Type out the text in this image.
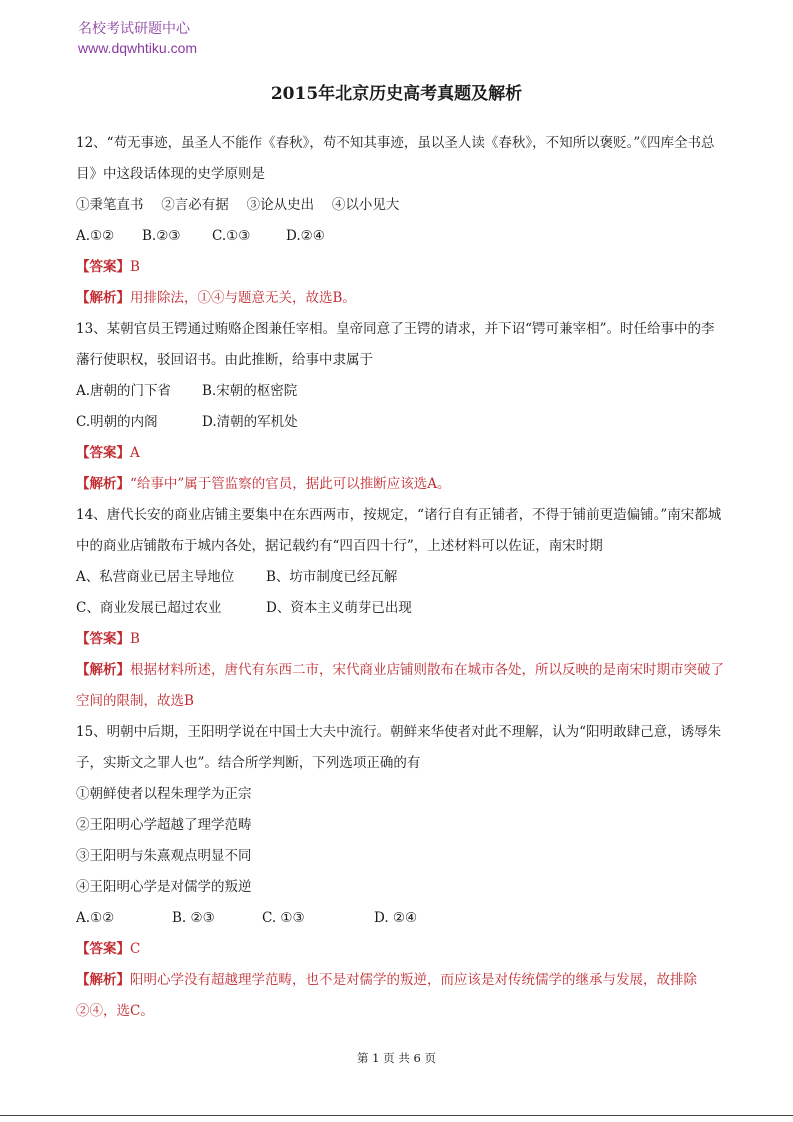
名校考试研题中心
www.dqwhtiku.com
2015年北京历史高考真题及解析
12、“苟无事迹，虽圣人不能作《春秋》，苟不知其事迹，虽以圣人读《春秋》，不知所以褒贬。”《四库全书总目》中这段话体现的史学原则是
①秉笔直书　 ②言必有据　 ③论从史出　 ④以小见大
A.①② B.②③ C.①③	D.②④
【答案】B
【解析】用排除法，①④与题意无关，故选B。
13、某朝官员王锷通过贿赂企图兼任宰相。皇帝同意了王锷的请求，并下诏“锷可兼宰相”。时任给事中的李藩行使职权，驳回诏书。由此推断，给事中隶属于
A.唐朝的门下省 B.宋朝的枢密院
C.明朝的内阁	D.清朝的军机处
【答案】A
【解析】“给事中”属于管监察的官员，据此可以推断应该选A。
14、唐代长安的商业店铺主要集中在东西两市，按规定，“诸行自有正铺者，不得于铺前更造偏铺。”南宋都城中的商业店铺散布于城内各处，据记载约有“四百四十行”，上述材料可以佐证，南宋时期
A、私营商业已居主导地位 B、坊市制度已经瓦解
C、商业发展已超过农业	D、资本主义萌芽已出现
【答案】B
【解析】根据材料所述，唐代有东西二市，宋代商业店铺则散布在城市各处，所以反映的是南宋时期市突破了空间的限制，故选B
15、明朝中后期，王阳明学说在中国士大夫中流行。朝鲜来华使者对此不理解，认为“阳明敢肆己意，诱辱朱子，实斯文之罪人也”。结合所学判断，下列选项正确的有
①朝鲜使者以程朱理学为正宗
②王阳明心学超越了理学范畴
③王阳明与朱熹观点明显不同
④王阳明心学是对儒学的叛逆
A.①②	B. ②③	C. ①③	D. ②④
【答案】C
【解析】阳明心学没有超越理学范畴，也不是对儒学的叛逆，而应该是对传统儒学的继承与发展，故排除②④，选C。
第 1 页 共 6 页
